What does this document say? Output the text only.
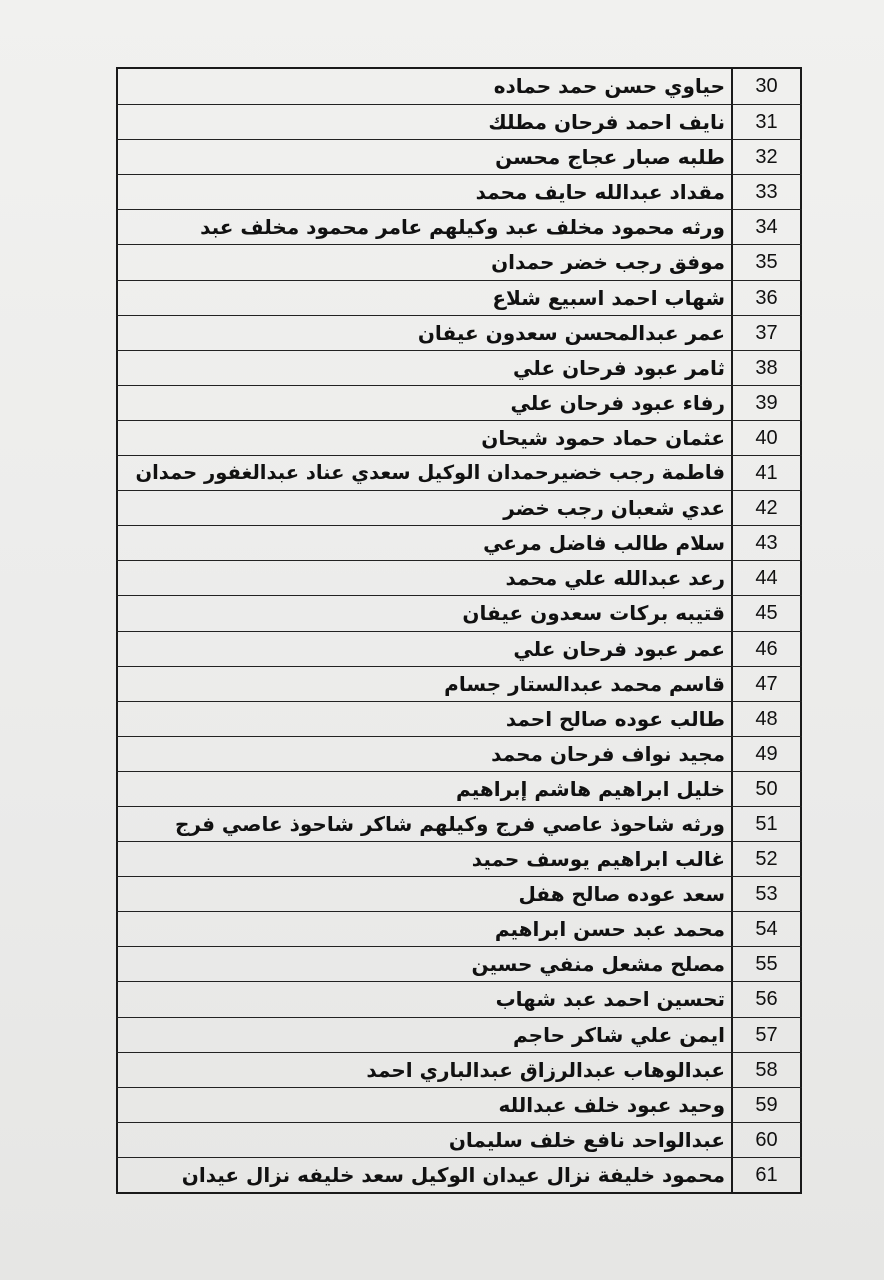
حياوي حسن حمد حماده	30
نايف احمد فرحان مطلك	31
طلبه صبار عجاج محسن	32
مقداد عبدالله حايف محمد	33
ورثه محمود مخلف عبد وكيلهم عامر محمود مخلف عبد	34
موفق رجب خضر حمدان	35
شهاب احمد اسبيع شلاع	36
عمر عبدالمحسن سعدون عيفان	37
ثامر عبود فرحان علي	38
رفاء عبود فرحان علي	39
عثمان حماد حمود شيحان	40
فاطمة رجب خضيرحمدان الوكيل سعدي عناد عبدالغفور حمدان	41
عدي شعبان رجب خضر	42
سلام طالب فاضل مرعي	43
رعد عبدالله علي محمد	44
قتيبه بركات سعدون عيفان	45
عمر عبود فرحان علي	46
قاسم محمد عبدالستار جسام	47
طالب عوده صالح احمد	48
مجيد نواف فرحان محمد	49
خليل ابراهيم هاشم إبراهيم	50
ورثه شاحوذ عاصي فرج وكيلهم شاكر شاحوذ عاصي فرج	51
غالب ابراهيم يوسف حميد	52
سعد عوده صالح هفل	53
محمد عبد حسن ابراهيم	54
مصلح مشعل منفي حسين	55
تحسين احمد عبد شهاب	56
ايمن علي شاكر حاجم	57
عبدالوهاب عبدالرزاق عبدالباري احمد	58
وحيد عبود خلف عبدالله	59
عبدالواحد نافع خلف سليمان	60
محمود خليفة نزال عيدان الوكيل سعد خليفه نزال عيدان	61
